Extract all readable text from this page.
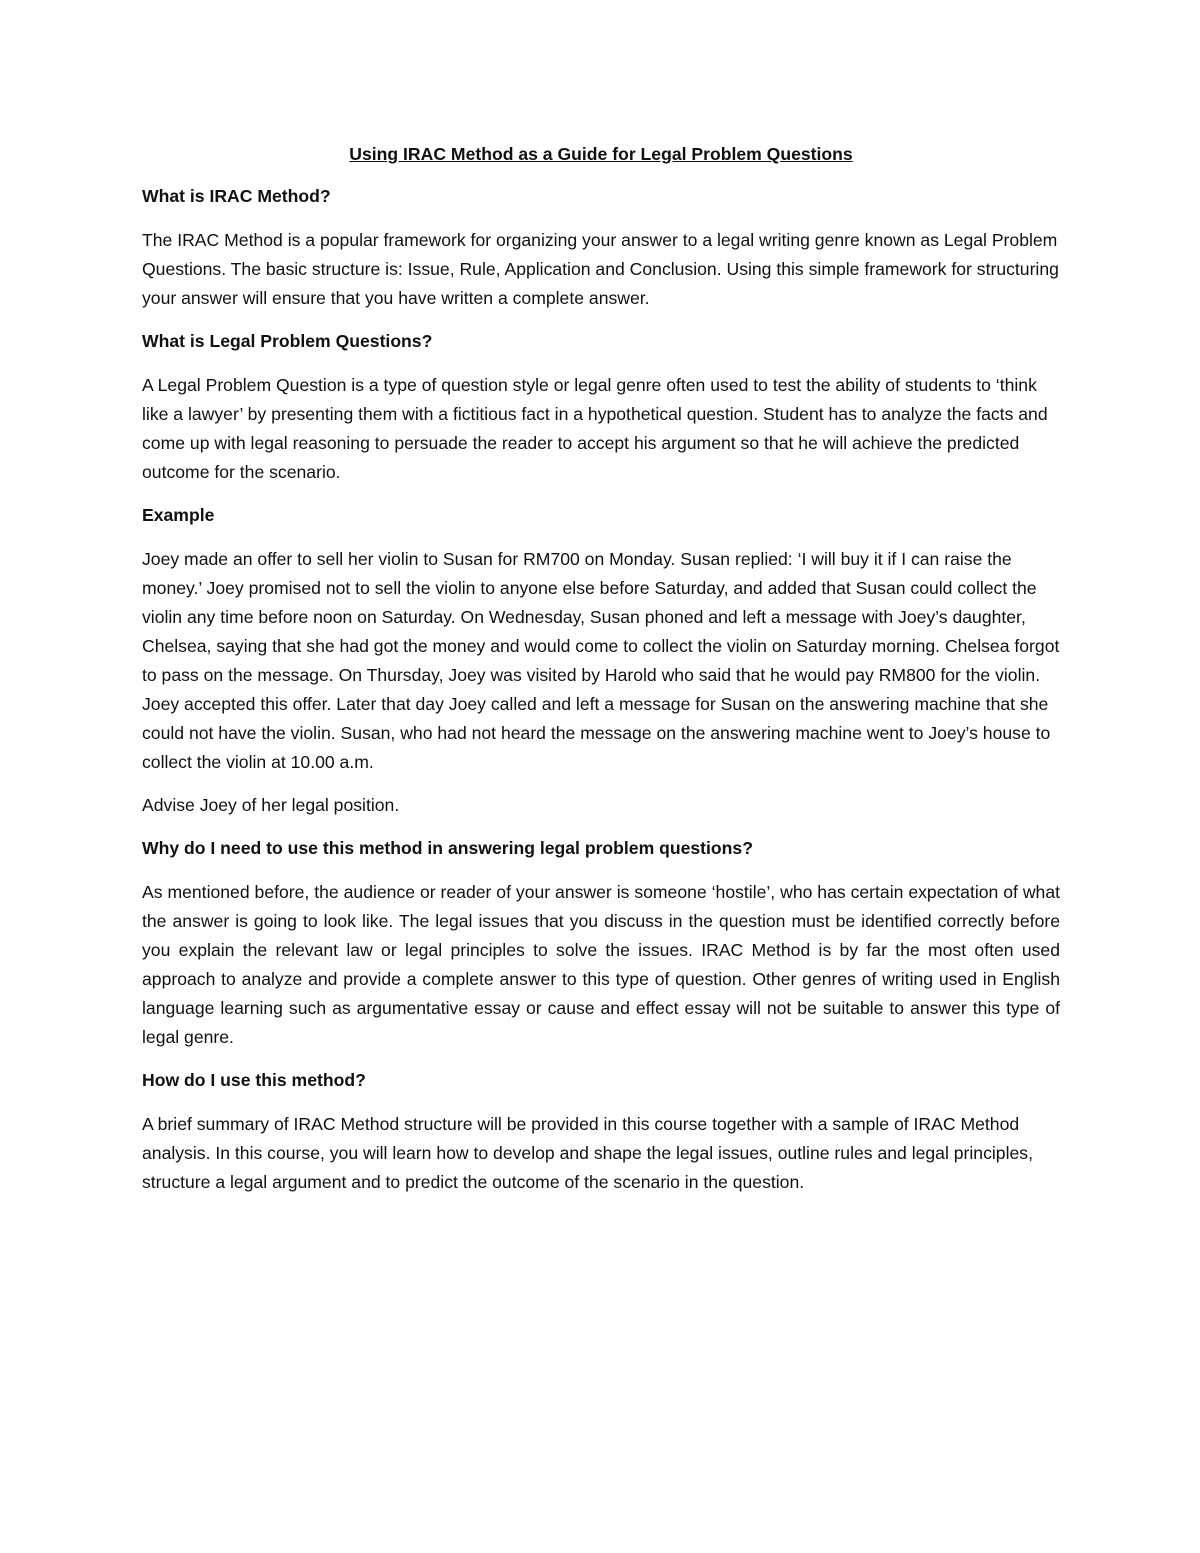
Using IRAC Method as a Guide for Legal Problem Questions
What is IRAC Method?
The IRAC Method is a popular framework for organizing your answer to a legal writing genre known as Legal Problem Questions. The basic structure is: Issue, Rule, Application and Conclusion. Using this simple framework for structuring your answer will ensure that you have written a complete answer.
What is Legal Problem Questions?
A Legal Problem Question is a type of question style or legal genre often used to test the ability of students to ‘think like a lawyer’ by presenting them with a fictitious fact in a hypothetical question. Student has to analyze the facts and come up with legal reasoning to persuade the reader to accept his argument so that he will achieve the predicted outcome for the scenario.
Example
Joey made an offer to sell her violin to Susan for RM700 on Monday. Susan replied: ‘I will buy it if I can raise the money.’ Joey promised not to sell the violin to anyone else before Saturday, and added that Susan could collect the violin any time before noon on Saturday. On Wednesday, Susan phoned and left a message with Joey’s daughter, Chelsea, saying that she had got the money and would come to collect the violin on Saturday morning. Chelsea forgot to pass on the message. On Thursday, Joey was visited by Harold who said that he would pay RM800 for the violin. Joey accepted this offer. Later that day Joey called and left a message for Susan on the answering machine that she could not have the violin. Susan, who had not heard the message on the answering machine went to Joey’s house to collect the violin at 10.00 a.m.
Advise Joey of her legal position.
Why do I need to use this method in answering legal problem questions?
As mentioned before, the audience or reader of your answer is someone ‘hostile’, who has certain expectation of what the answer is going to look like. The legal issues that you discuss in the question must be identified correctly before you explain the relevant law or legal principles to solve the issues. IRAC Method is by far the most often used approach to analyze and provide a complete answer to this type of question. Other genres of writing used in English language learning such as argumentative essay or cause and effect essay will not be suitable to answer this type of legal genre.
How do I use this method?
A brief summary of IRAC Method structure will be provided in this course together with a sample of IRAC Method analysis. In this course, you will learn how to develop and shape the legal issues, outline rules and legal principles, structure a legal argument and to predict the outcome of the scenario in the question.
